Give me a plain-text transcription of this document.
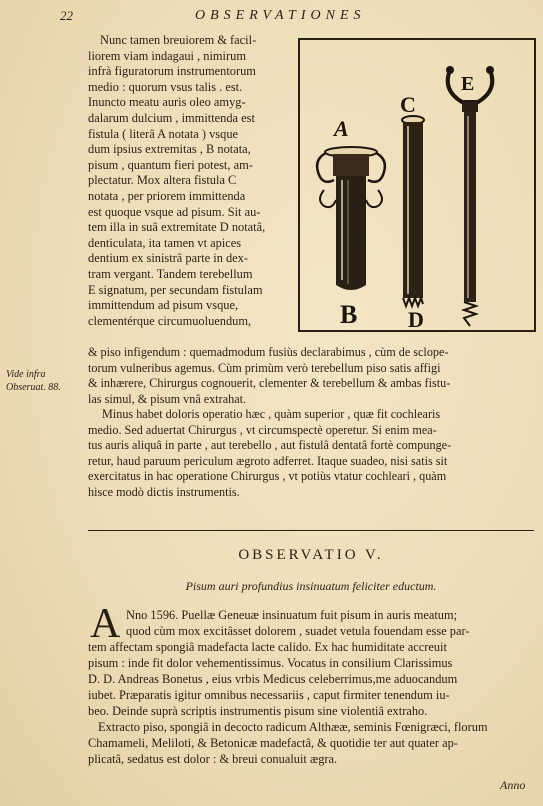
22	OBSERVATIONES
Nunc tamen breuiorem & facil-
liorem viam indagaui , nimirum
infrà figuratorum instrumentorum
medio : quorum vsus talis . est.
Inuncto meatu auris oleo amyg-
dalarum dulcium , immittenda est
fistula ( literâ A notata ) vsque
dum ipsius extremitas , B notata,
pisum , quantum fieri potest, am-
plectatur. Mox altera fistula C
notata , per priorem immittenda
est quoque vsque ad pisum. Sit au-
tem illa in suâ extremitate D notatâ,
denticulata, ita tamen vt apices
dentium ex sinistrâ parte in dex-
tram vergant. Tandem terebellum
E signatum, per secundam fistulam
immittendum ad pisum vsque,
clementérque circumuoluendum,
A
B
C
D
E
Vide infra
Obseruat. 88.
& piso infigendum : quemadmodum fusiùs declarabimus , cùm de sclope-
torum vulneribus agemus. Cùm primùm verò terebellum piso satis affigi
& inhærere, Chirurgus cognouerit, clementer & terebellum & ambas fistu-
las simul, & pisum vnâ extrahat.
Minus habet doloris operatio hæc , quàm superior , quæ fit cochlearis
medio. Sed aduertat Chirurgus , vt circumspectè operetur. Si enim mea-
tus auris aliquâ in parte , aut terebello , aut fistulâ dentatâ fortè compunge-
retur, haud paruum periculum ægroto adferret. Itaque suadeo, nisi satis sit
exercitatus in hac operatione Chirurgus , vt potiùs vtatur cochleari , quàm
hisce modò dictis instrumentis.
OBSERVATIO V.
Pisum auri profundius insinuatum feliciter eductum.
A Nno 1596. Puellæ Geneuæ insinuatum fuit pisum in auris meatum;
quod cùm mox excitâsset dolorem , suadet vetula fouendam esse par-
tem affectam spongiâ madefacta lacte calido. Ex hac humiditate accreuit
pisum : inde fit dolor vehementissimus. Vocatus in consilium Clarissimus
D. D. Andreas Bonetus , eius vrbis Medicus celeberrimus,me aduocandum
iubet. Præparatis igitur omnibus necessariis , caput firmiter tenendum iu-
beo. Deinde suprà scriptis instrumentis pisum sine violentiâ extraho.
Extracto piso, spongiâ in decocto radicum Althææ, seminis Fœnigræci, florum
Chamameli, Meliloti, & Betonicæ madefactâ, & quotidie ter aut quater ap-
plicatâ, sedatus est dolor : & breui conualuit ægra.
Anno
